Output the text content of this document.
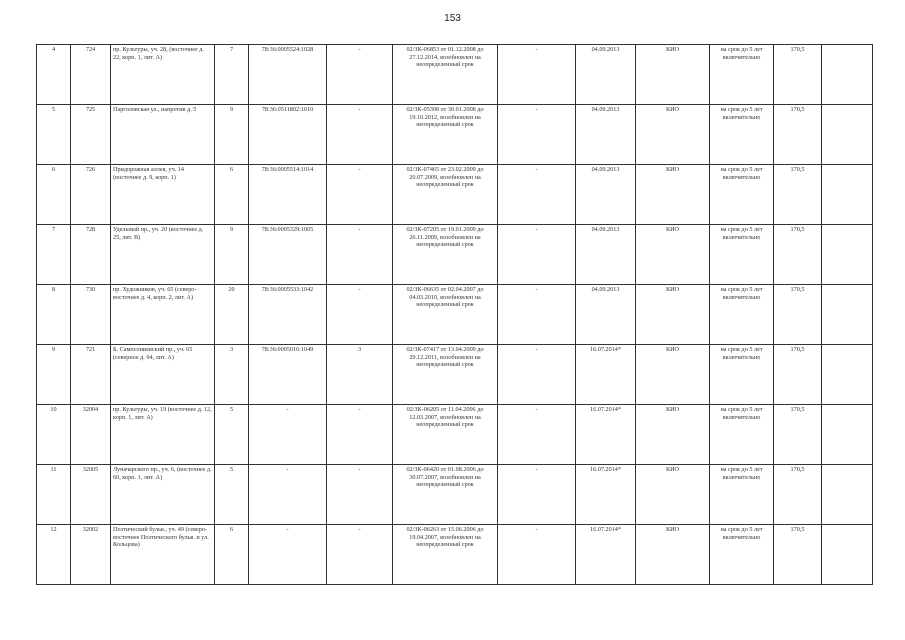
153
4	724	пр. Культуры, уч. 28, (восточнее д. 22, корп. 1, лит. А)	7	78:36:0005524:1028	-	02/ЗК-06853 от 01.12.2008 до 27.12.2014, возобновлен на неопределенный срок	-	04.09.2013	КИО	на срок до 5 лет включительно	170,5	
5	725	Парголовская ул., напротив д. 5	9	78:36:0511802:1010	-	02/ЗК-05398 от 30.01.2008 до 19.10.2012, возобновлен на неопределенный срок	-	04.09.2013	КИО	на срок до 5 лет включительно	170,5	
6	726	Придорожная аллея, уч. 14 (восточнее д. 9, корп. 1)	6	78:36:0005514:1014	-	02/ЗК-07465 от 23.02.2009 до 20.07.2009, возобновлен на неопределенный срок	-	04.09.2013	КИО	на срок до 5 лет включительно	170,5	
7	728	Удельный пр., уч. 20 (восточнее д. 25, лит. В)	9	78:36:0005329:1005	-	02/ЗК-07205 от 19.01.2009 до 26.11.2009, возобновлен на неопределенный срок	-	04.09.2013	КИО	на срок до 5 лет включительно	170,5	
8	730	пр. Художников, уч. 65 (северо-восточнее д. 4, корп. 2, лит. А)	20	78:36:0005533:1042	-	02/ЗК-06635 от 02.04.2007 до 04.03.2010, возобновлен на неопределенный срок	-	04.09.2013	КИО	на срок до 5 лет включительно	170,5	
9	721	Б. Сампсониевский пр., уч. 65 (северное д. 94, лит. А)	3	78:36:0005016:1049	3	02/ЗК-07417 от 13.04.2009 до 29.12.2011, возобновлен на неопределенный срок	-	16.07.2014*	КИО	на срок до 5 лет включительно	170,5	
10	32004	пр. Культуры, уч. 19 (восточнее д. 12, корп. 1, лит. А)	5	-	-	02/ЗК-06205 от 11.04.2006 до 12.03.2007, возобновлен на неопределенный срок	-	16.07.2014*	КИО	на срок до 5 лет включительно	170,5	
11	32005	Луначарского пр., уч. 6, (восточнее д. 60, корп. 1, лит. А)	5	-	-	02/ЗК-06420 от 01.08.2006 до 30.07.2007, возобновлен на неопределенный срок	-	16.07.2014*	КИО	на срок до 5 лет включительно	170,5	
12	32002	Поэтический бульв., уч. 49 (северо-восточнее Поэтического бульв. и ул. Кольцова)	6	-	-	02/ЗК-06263 от 15.06.2006 до 19.04.2007, возобновлен на неопределенный срок	-	16.07.2014*	КИО	на срок до 5 лет включительно	170,5	
